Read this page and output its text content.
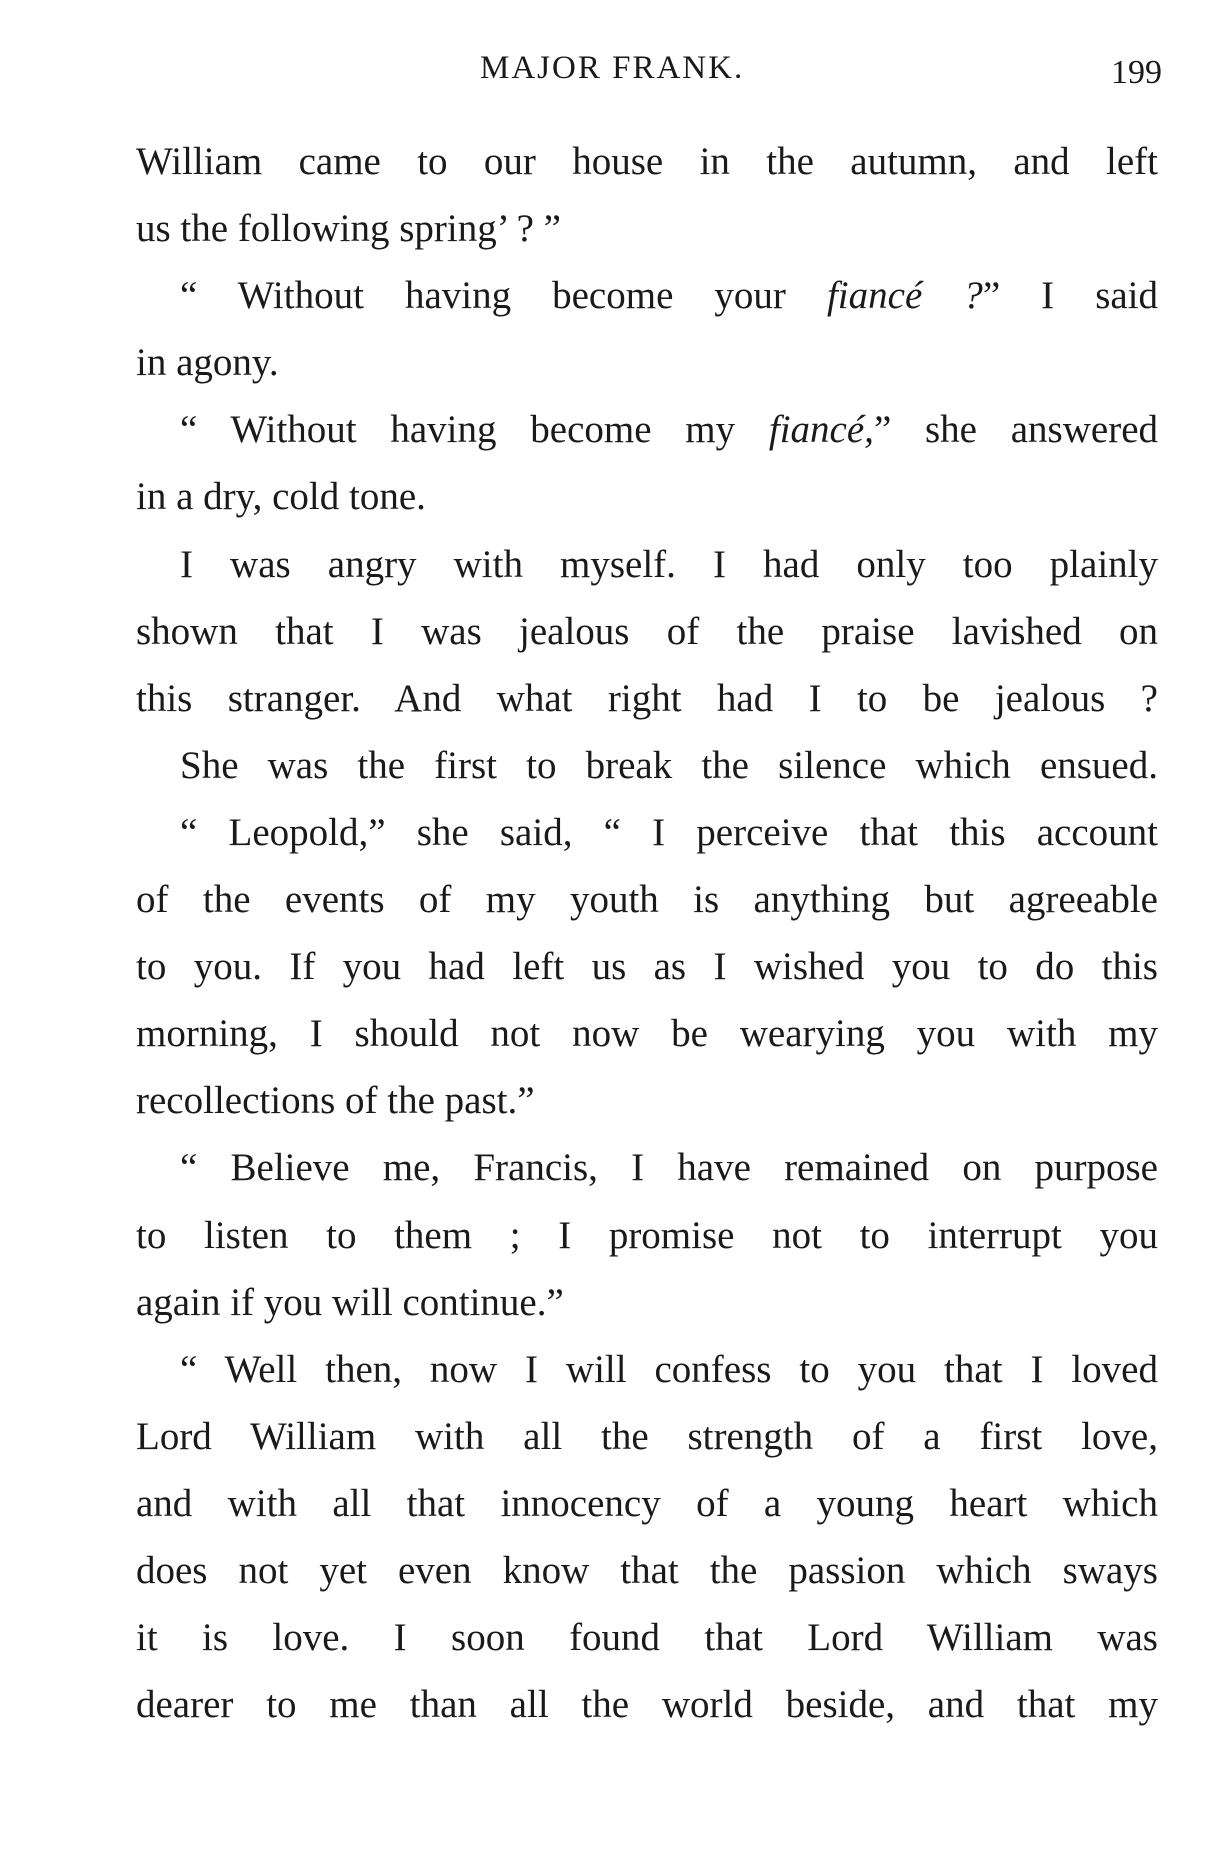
MAJOR FRANK.	199
William came to our house in the autumn, and left
us the following spring’ ? ”
“ Without having become your fiancé ?” I said
in agony.
“ Without having become my fiancé,” she answered
in a dry, cold tone.
I was angry with myself. I had only too plainly
shown that I was jealous of the praise lavished on
this stranger. And what right had I to be jealous ?
She was the first to break the silence which ensued.
“ Leopold,” she said, “ I perceive that this account
of the events of my youth is anything but agreeable
to you. If you had left us as I wished you to do this
morning, I should not now be wearying you with my
recollections of the past.”
“ Believe me, Francis, I have remained on purpose
to listen to them ; I promise not to interrupt you
again if you will continue.”
“ Well then, now I will confess to you that I loved
Lord William with all the strength of a first love,
and with all that innocency of a young heart which
does not yet even know that the passion which sways
it is love. I soon found that Lord William was
dearer to me than all the world beside, and that my
